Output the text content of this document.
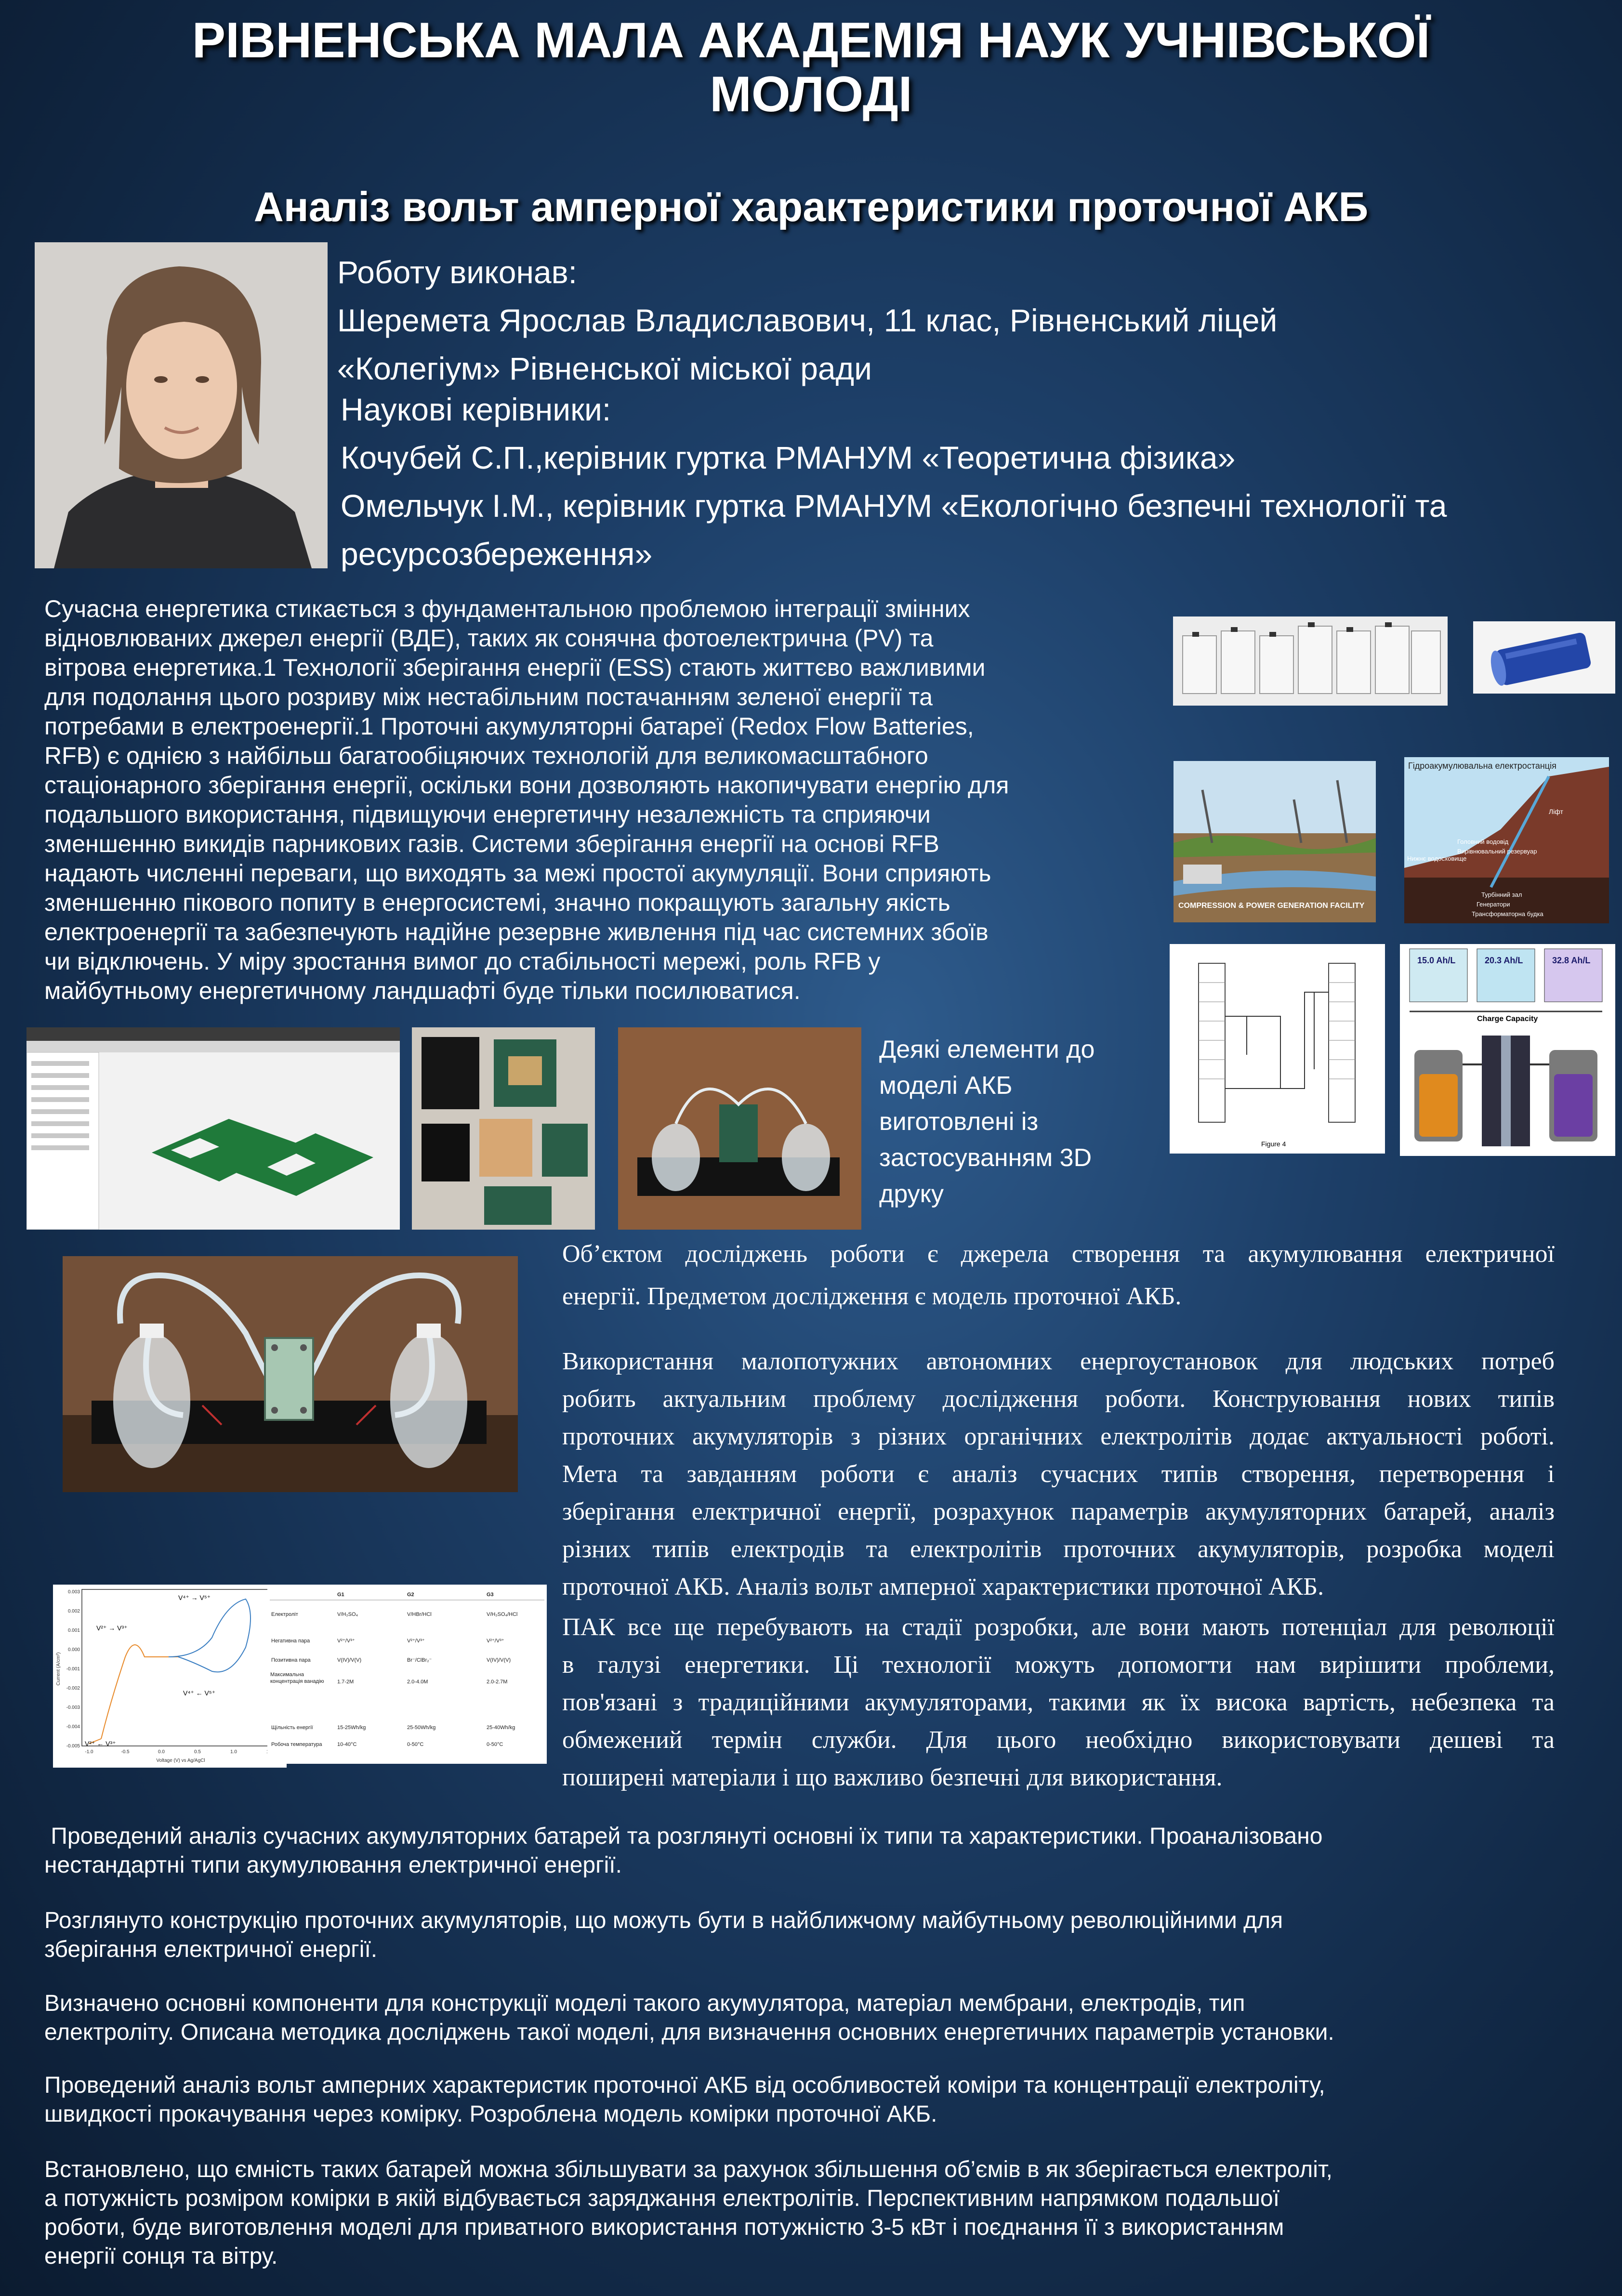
РІВНЕНСЬКА МАЛА АКАДЕМІЯ НАУК УЧНІВСЬКОЇ
МОЛОДІ
Аналіз вольт амперної характеристики проточної АКБ
Роботу виконав:
Шеремета Ярослав Владиславович, 11 клас, Рівненський ліцей
«Колегіум» Рівненської міської ради
Наукові керівники:
Кочубей С.П.,керівник гуртка РМАНУМ «Теоретична фізика»
Омельчук І.М., керівник гуртка РМАНУМ «Екологічно безпечні технології та
ресурсозбереження»
Сучасна енергетика стикається з фундаментальною проблемою інтеграції змінних
відновлюваних джерел енергії (ВДЕ), таких як сонячна фотоелектрична (PV) та
вітрова енергетика.1 Технології зберігання енергії (ESS) стають життєво важливими
для подолання цього розриву між нестабільним постачанням зеленої енергії та
потребами в електроенергії.1 Проточні акумуляторні батареї (Redox Flow Batteries,
RFB) є однією з найбільш багатообіцяючих технологій для великомасштабного
стаціонарного зберігання енергії, оскільки вони дозволяють накопичувати енергію для
подальшого використання, підвищуючи енергетичну незалежність та сприяючи
зменшенню викидів парникових газів. Системи зберігання енергії на основі RFB
надають численні переваги, що виходять за межі простої акумуляції. Вони сприяють
зменшенню пікового попиту в енергосистемі, значно покращують загальну якість
електроенергії та забезпечують надійне резервне живлення під час системних збоїв
чи відключень. У міру зростання вимог до стабільності мережі, роль RFB у
майбутньому енергетичному ландшафті буде тільки посилюватися.
COMPRESSION & POWER GENERATION FACILITY
Гідроакумулювальна електростанція
Ліфт
Нижнє водосховище
Головний водовід
Вирівнювальний резервуар
Турбінний зал
Трансформаторна будка
Генератори
Figure 4
15.0 Ah/L	20.3 Ah/L	32.8 Ah/L
Charge Capacity
Деякі елементи до
моделі АКБ
виготовлені із
застосуванням 3D
друку
0.003
0.002
0.001
0.000
-0.001
-0.002
-0.003
-0.004
-0.005
-1.0	-0.5	0.0	0.5	1.0
Voltage (V) vs Ag/AgCl
Current (A/cm²)
V⁴⁺ → V⁵⁺
V²⁺ → V³⁺
V⁴⁺ ← V⁵⁺
V²⁺ ← V³⁺
G1	G2	G3
Електроліт	V/H₂SO₄	V/HBr/HCl	V/H₂SO₄/HCl
Негативна пара	V²⁺/V³⁺	V²⁺/V³⁺	V²⁺/V³⁺
Позитивна пара	V(IV)/V(V)	Br⁻/ClBr₂⁻	V(IV)/V(V)
Максимальна концентрація ванадію	1.7-2M	2.0-4.0M	2.0-2.7M
Щільність енергії	15-25Wh/kg	25-50Wh/kg	25-40Wh/kg
Робоча температура	10-40°C	0-50°C	0-50°C
Об’єктом досліджень роботи є джерела створення та акумулювання електричної
енергії. Предметом дослідження є модель проточної АКБ.
Використання малопотужних автономних енергоустановок для людських потреб
робить актуальним проблему дослідження роботи. Конструювання нових типів
проточних акумуляторів з різних органічних електролітів додає актуальності роботі.
Мета та завданням роботи є аналіз сучасних типів створення, перетворення і
зберігання електричної енергії, розрахунок параметрів акумуляторних батарей, аналіз
різних типів електродів та електролітів проточних акумуляторів, розробка моделі
проточної АКБ. Аналіз вольт амперної характеристики проточної АКБ.
ПАК все ще перебувають на стадії розробки, але вони мають потенціал для революції
в галузі енергетики. Ці технології можуть допомогти нам вирішити проблеми,
пов'язані з традиційними акумуляторами, такими як їх висока вартість, небезпека та
обмежений термін служби. Для цього необхідно використовувати дешеві та
поширені матеріали і що важливо безпечні для використання.
Проведений аналіз сучасних акумуляторних батарей та розглянуті основні їх типи та характеристики. Проаналізовано
нестандартні типи акумулювання електричної енергії.
Розглянуто конструкцію проточних акумуляторів, що можуть бути в найближчому майбутньому революційними для
зберігання електричної енергії.
Визначено основні компоненти для конструкції моделі такого акумулятора, матеріал мембрани, електродів, тип
електроліту. Описана методика досліджень такої моделі, для визначення основних енергетичних параметрів установки.
Проведений аналіз вольт амперних характеристик проточної АКБ від особливостей коміри та концентрації електроліту,
швидкості прокачування через комірку. Розроблена модель комірки проточної АКБ.
Встановлено, що ємність таких батарей можна збільшувати за рахунок збільшення об’ємів в як зберігається електроліт,
а потужність розміром комірки в якій відбувається заряджання електролітів. Перспективним напрямком подальшої
роботи, буде виготовлення моделі для приватного використання потужністю 3-5 кВт і поєднання її з використанням
енергії сонця та вітру.
